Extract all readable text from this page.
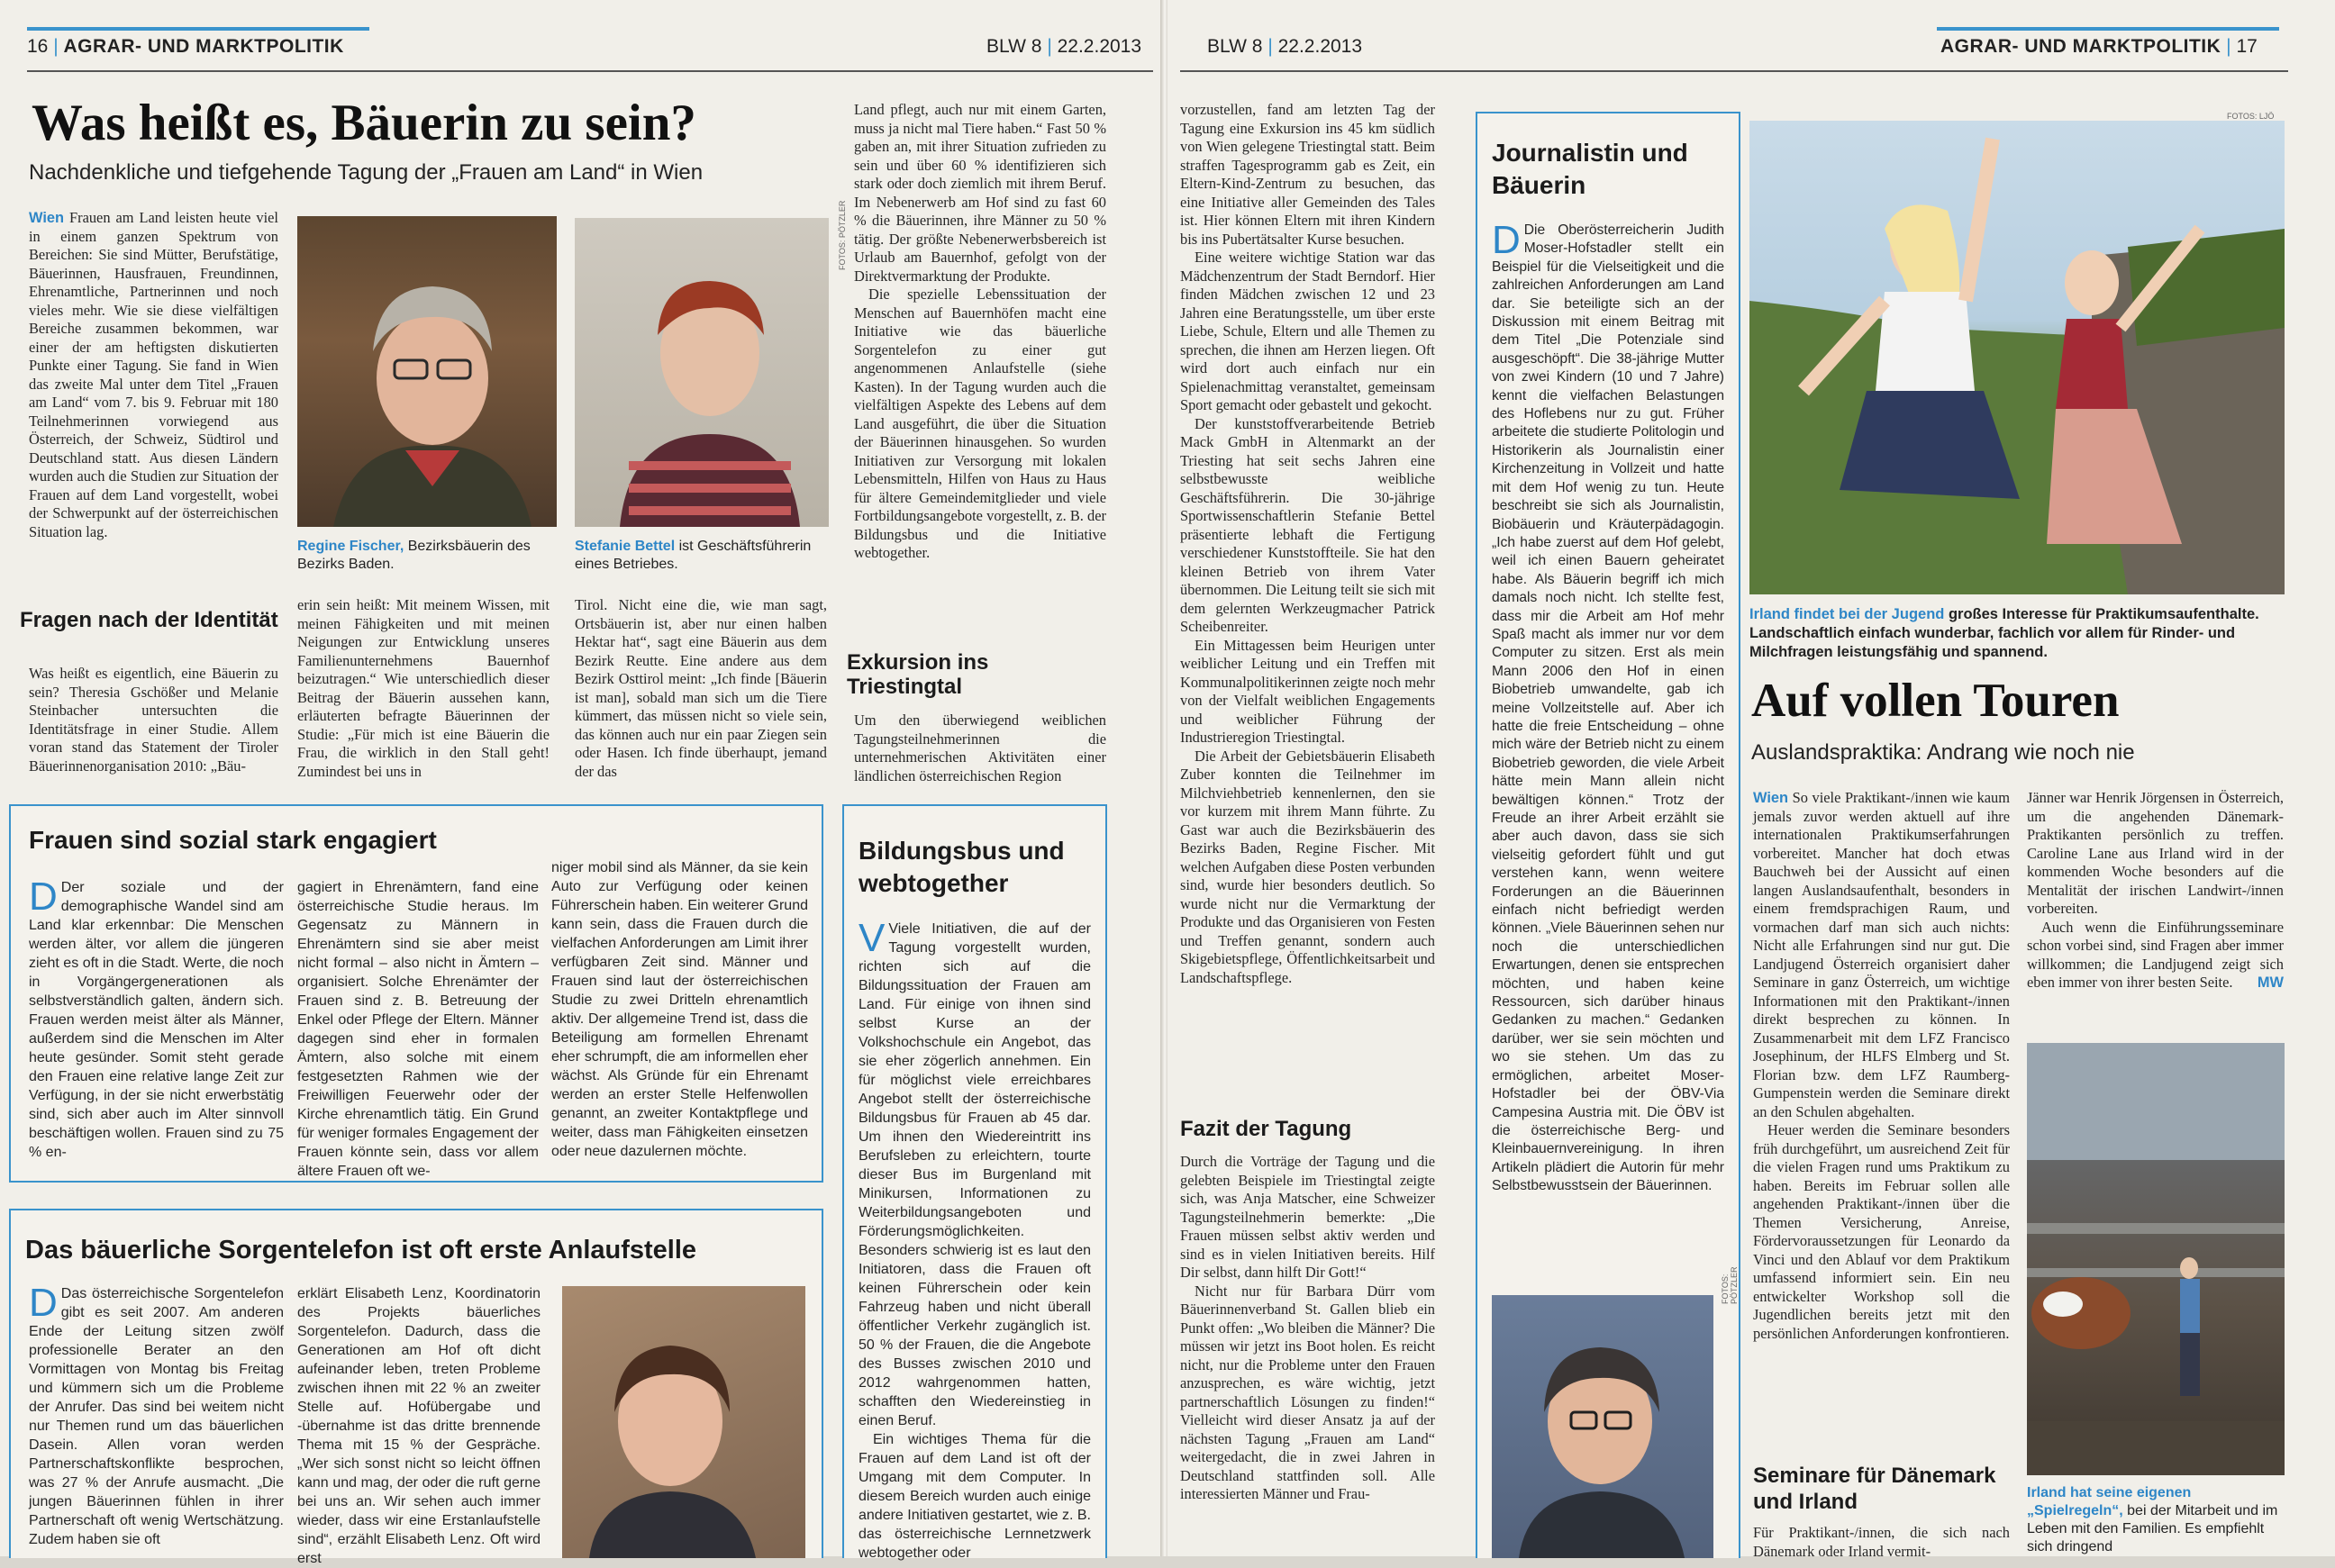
16 | AGRAR- UND MARKTPOLITIK	BLW 8 | 22.2.2013
Was heißt es, Bäuerin zu sein?
Nachdenkliche und tiefgehende Tagung der „Frauen am Land“ in Wien
Wien Frauen am Land leisten heute viel in einem ganzen Spektrum von Bereichen: Sie sind Mütter, Berufstätige, Bäuerinnen, Hausfrauen, Freundinnen, Ehrenamtliche, Partnerinnen und noch vieles mehr. Wie sie diese vielfältigen Bereiche zusammen bekommen, war einer der am heftigsten diskutierten Punkte einer Tagung. Sie fand in Wien das zweite Mal unter dem Titel „Frauen am Land“ vom 7. bis 9. Februar mit 180 Teilnehmerinnen vorwiegend aus Österreich, der Schweiz, Südtirol und Deutschland statt. Aus diesen Ländern wurden auch die Studien zur Situation der Frauen auf dem Land vorgestellt, wobei der Schwerpunkt auf der österreichischen Situation lag.
Fragen nach der Identität
Was heißt es eigentlich, eine Bäuerin zu sein? Theresia Gschößer und Melanie Steinbacher untersuchten die Identitätsfrage in einer Studie. Allem voran stand das Statement der Tiroler Bäuerinnenorganisation 2010: „Bäu-
FOTOS: PÖTZLER
Regine Fischer, Bezirksbäuerin des Bezirks Baden.
Stefanie Bettel ist Geschäftsführerin eines Betriebes.
erin sein heißt: Mit meinem Wissen, mit meinen Fähigkeiten und mit meinen Neigungen zur Entwicklung unseres Familienunternehmens Bauernhof beizutragen.“ Wie unterschiedlich dieser Beitrag der Bäuerin aussehen kann, erläuterten befragte Bäuerinnen der Studie: „Für mich ist eine Bäuerin die Frau, die wirklich in den Stall geht! Zumindest bei uns in
Tirol. Nicht eine die, wie man sagt, Ortsbäuerin ist, aber nur einen halben Hektar hat“, sagt eine Bäuerin aus dem Bezirk Reutte. Eine andere aus dem Bezirk Osttirol meint: „Ich finde [Bäuerin ist man], sobald man sich um die Tiere kümmert, das müssen nicht so viele sein, das können auch nur ein paar Ziegen sein oder Hasen. Ich finde überhaupt, jemand der das
Land pflegt, auch nur mit einem Garten, muss ja nicht mal Tiere haben.“ Fast 50 % gaben an, mit ihrer Situation zufrieden zu sein und über 60 % identifizieren sich stark oder doch ziemlich mit ihrem Beruf. Im Nebenerwerb am Hof sind zu fast 60 % die Bäuerinnen, ihre Männer zu 50 % tätig. Der größte Nebenerwerbsbereich ist Urlaub am Bauernhof, gefolgt von der Direktvermarktung der Produkte.
Die spezielle Lebenssituation der Menschen auf Bauernhöfen macht eine Initiative wie das bäuerliche Sorgentelefon zu einer gut angenommenen Anlaufstelle (siehe Kasten). In der Tagung wurden auch die vielfältigen Aspekte des Lebens auf dem Land ausgeführt, die über die Situation der Bäuerinnen hinausgehen. So wurden Initiativen zur Versorgung mit lokalen Lebensmitteln, Hilfen von Haus zu Haus für ältere Gemeindemitglieder und viele Fortbildungsangebote vorgestellt, z. B. der Bildungsbus und die Initiative webtogether.
Exkursion ins Triestingtal
Um den überwiegend weiblichen Tagungsteilnehmerinnen die unternehmerischen Aktivitäten einer ländlichen österreichischen Region
Frauen sind sozial stark engagiert
D Der soziale und der demographische Wandel sind am Land klar erkennbar: Die Menschen werden älter, vor allem die jüngeren zieht es oft in die Stadt. Werte, die noch in Vorgängergenerationen als selbstverständlich galten, ändern sich. Frauen werden meist älter als Männer, außerdem sind die Menschen im Alter heute gesünder. Somit steht gerade den Frauen eine relative lange Zeit zur Verfügung, in der sie nicht erwerbstätig sind, sich aber auch im Alter sinnvoll beschäftigen wollen. Frauen sind zu 75 % en-
gagiert in Ehrenämtern, fand eine österreichische Studie heraus. Im Gegensatz zu Männern in Ehrenämtern sind sie aber meist nicht formal – also nicht in Ämtern – organisiert. Solche Ehrenämter der Frauen sind z. B. Betreuung der Enkel oder Pflege der Eltern. Männer dagegen sind eher in formalen Ämtern, also solche mit einem festgesetzten Rahmen wie der Freiwilligen Feuerwehr oder der Kirche ehrenamtlich tätig. Ein Grund für weniger formales Engagement der Frauen könnte sein, dass vor allem ältere Frauen oft we-
niger mobil sind als Männer, da sie kein Auto zur Verfügung oder keinen Führerschein haben. Ein weiterer Grund kann sein, dass die Frauen durch die vielfachen Anforderungen am Limit ihrer verfügbaren Zeit sind. Männer und Frauen sind laut der österreichischen Studie zu zwei Dritteln ehrenamtlich aktiv. Der allgemeine Trend ist, dass die Beteiligung am formellen Ehrenamt eher schrumpft, die am informellen eher wächst. Als Gründe für ein Ehrenamt werden an erster Stelle Helfenwollen genannt, an zweiter Kontaktpflege und weiter, dass man Fähigkeiten einsetzen oder neue dazulernen möchte.
Bildungsbus und webtogether
V Viele Initiativen, die auf der Tagung vorgestellt wurden, richten sich auf die Bildungssituation der Frauen am Land. Für einige von ihnen sind selbst Kurse an der Volkshochschule ein Angebot, das sie eher zögerlich annehmen. Ein für möglichst viele erreichbares Angebot stellt der österreichische Bildungsbus für Frauen ab 45 dar. Um ihnen den Wiedereintritt ins Berufsleben zu erleichtern, tourte dieser Bus im Burgenland mit Minikursen, Informationen zu Weiterbildungsangeboten und Förderungsmöglichkeiten. Besonders schwierig ist es laut den Initiatoren, dass die Frauen oft keinen Führerschein oder kein Fahrzeug haben und nicht überall öffentlicher Verkehr zugänglich ist. 50 % der Frauen, die die Angebote des Busses zwischen 2010 und 2012 wahrgenommen hatten, schafften den Wiedereinstieg in einen Beruf.
Ein wichtiges Thema für die Frauen auf dem Land ist oft der Umgang mit dem Computer. In diesem Bereich wurden auch einige andere Initiativen gestartet, wie z. B. das österreichische Lernnetzwerk webtogether oder
Das bäuerliche Sorgentelefon ist oft erste Anlaufstelle
D Das österreichische Sorgentelefon gibt es seit 2007. Am anderen Ende der Leitung sitzen zwölf professionelle Berater an den Vormittagen von Montag bis Freitag und kümmern sich um die Probleme der Anrufer. Das sind bei weitem nicht nur Themen rund um das bäuerlichen Dasein. Allen voran werden Partnerschaftskonflikte besprochen, was 27 % der Anrufe ausmacht. „Die jungen Bäuerinnen fühlen in ihrer Partnerschaft oft wenig Wertschätzung. Zudem haben sie oft
erklärt Elisabeth Lenz, Koordinatorin des Projekts bäuerliches Sorgentelefon. Dadurch, dass die Generationen am Hof oft dicht aufeinander leben, treten Probleme zwischen ihnen mit 22 % an zweiter Stelle auf. Hofübergabe und -übernahme ist das dritte brennende Thema mit 15 % der Gespräche. „Wer sich sonst nicht so leicht öffnen kann und mag, der oder die ruft gerne bei uns an. Wir sehen auch immer wieder, dass wir eine Erstanlaufstelle sind“, erzählt Elisabeth Lenz. Oft wird erst
BLW 8 | 22.2.2013	AGRAR- UND MARKTPOLITIK | 17
vorzustellen, fand am letzten Tag der Tagung eine Exkursion ins 45 km südlich von Wien gelegene Triestingtal statt. Beim straffen Tagesprogramm gab es Zeit, ein Eltern-Kind-Zentrum zu besuchen, das eine Initiative aller Gemeinden des Tales ist. Hier können Eltern mit ihren Kindern bis ins Pubertätsalter Kurse besuchen.
Eine weitere wichtige Station war das Mädchenzentrum der Stadt Berndorf. Hier finden Mädchen zwischen 12 und 23 Jahren eine Beratungsstelle, um über erste Liebe, Schule, Eltern und alle Themen zu sprechen, die ihnen am Herzen liegen. Oft wird dort auch einfach nur ein Spielenachmittag veranstaltet, gemeinsam Sport gemacht oder gebastelt und gekocht.
Der kunststoffverarbeitende Betrieb Mack GmbH in Altenmarkt an der Triesting hat seit sechs Jahren eine selbstbewusste weibliche Geschäftsführerin. Die 30-jährige Sportwissenschaftlerin Stefanie Bettel präsentierte lebhaft die Fertigung verschiedener Kunststoffteile. Sie hat den kleinen Betrieb von ihrem Vater übernommen. Die Leitung teilt sie sich mit dem gelernten Werkzeugmacher Patrick Scheibenreiter.
Ein Mittagessen beim Heurigen unter weiblicher Leitung und ein Treffen mit Kommunalpolitikerinnen zeigte noch mehr von der Vielfalt weiblichen Engagements und weiblicher Führung der Industrieregion Triestingtal.
Die Arbeit der Gebietsbäuerin Elisabeth Zuber konnten die Teilnehmer im Milchviehbetrieb kennenlernen, den sie vor kurzem mit ihrem Mann führte. Zu Gast war auch die Bezirksbäuerin des Bezirks Baden, Regine Fischer. Mit welchen Aufgaben diese Posten verbunden sind, wurde hier besonders deutlich. So wurde nicht nur die Vermarktung der Produkte und das Organisieren von Festen und Treffen genannt, sondern auch Skigebietspflege, Öffentlichkeitsarbeit und Landschaftspflege.
Fazit der Tagung
Durch die Vorträge der Tagung und die gelebten Beispiele im Triestingtal zeigte sich, was Anja Matscher, eine Schweizer Tagungsteilnehmerin bemerkte: „Die Frauen müssen selbst aktiv werden und sind es in vielen Initiativen bereits. Hilf Dir selbst, dann hilft Dir Gott!“
Nicht nur für Barbara Dürr vom Bäuerinnenverband St. Gallen blieb ein Punkt offen: „Wo bleiben die Männer? Die müssen wir jetzt ins Boot holen. Es reicht nicht, nur die Probleme unter den Frauen anzusprechen, es wäre wichtig, jetzt partnerschaftlich Lösungen zu finden!“ Vielleicht wird dieser Ansatz ja auf der nächsten Tagung „Frauen am Land“ weitergedacht, die in zwei Jahren in Deutschland stattfinden soll. Alle interessierten Männer und Frau-
Journalistin und Bäuerin
D Die Oberösterreicherin Judith Moser-Hofstadler stellt ein Beispiel für die Vielseitigkeit und die zahlreichen Anforderungen am Land dar. Sie beteiligte sich an der Diskussion mit einem Beitrag mit dem Titel „Die Potenziale sind ausgeschöpft“. Die 38-jährige Mutter von zwei Kindern (10 und 7 Jahre) kennt die vielfachen Belastungen des Hoflebens nur zu gut. Früher arbeitete die studierte Politologin und Historikerin als Journalistin einer Kirchenzeitung in Vollzeit und hatte mit dem Hof wenig zu tun. Heute beschreibt sie sich als Journalistin, Biobäuerin und Kräuterpädagogin. „Ich habe zuerst auf dem Hof gelebt, weil ich einen Bauern geheiratet habe. Als Bäuerin begriff ich mich damals noch nicht. Ich stellte fest, dass mir die Arbeit am Hof mehr Spaß macht als immer nur vor dem Computer zu sitzen. Erst als mein Mann 2006 den Hof in einen Biobetrieb umwandelte, gab ich meine Vollzeitstelle auf. Aber ich hatte die freie Entscheidung – ohne mich wäre der Betrieb nicht zu einem Biobetrieb geworden, die viele Arbeit hätte mein Mann allein nicht bewältigen können.“ Trotz der Freude an ihrer Arbeit erzählt sie aber auch davon, dass sie sich vielseitig gefordert fühlt und gut verstehen kann, wenn weitere Forderungen an die Bäuerinnen einfach nicht befriedigt werden können. „Viele Bäuerinnen sehen nur noch die unterschiedlichen Erwartungen, denen sie entsprechen möchten, und haben keine Ressourcen, sich darüber hinaus Gedanken zu machen.“ Gedanken darüber, wer sie sein möchten und wo sie stehen. Um das zu ermöglichen, arbeitet Moser-Hofstadler bei der ÖBV-Via Campesina Austria mit. Die ÖBV ist die österreichische Berg- und Kleinbauernvereinigung. In ihren Artikeln plädiert die Autorin für mehr Selbstbewusstsein der Bäuerinnen.
FOTOS: PÖTZLER
FOTOS: LJÖ
Irland findet bei der Jugend großes Interesse für Praktikumsaufenthalte. Landschaftlich einfach wunderbar, fachlich vor allem für Rinder- und Milchfragen leistungsfähig und spannend.
Auf vollen Touren
Auslandspraktika: Andrang wie noch nie
Wien So viele Praktikant-/innen wie kaum jemals zuvor werden aktuell auf ihre internationalen Praktikumserfahrungen vorbereitet. Mancher hat doch etwas Bauchweh bei der Aussicht auf einen langen Auslandsaufenthalt, besonders in einem fremdsprachigen Raum, und vormachen darf man sich auch nichts: Nicht alle Erfahrungen sind nur gut. Die Landjugend Österreich organisiert daher Seminare in ganz Österreich, um wichtige Informationen mit den Praktikant-/innen direkt besprechen zu können. In Zusammenarbeit mit dem LFZ Francisco Josephinum, der HLFS Elmberg und St. Florian bzw. dem LFZ Raumberg-Gumpenstein werden die Seminare direkt an den Schulen abgehalten.
Heuer werden die Seminare besonders früh durchgeführt, um ausreichend Zeit für die vielen Fragen rund ums Praktikum zu haben. Bereits im Februar sollen alle angehenden Praktikant-/innen über die Themen Versicherung, Anreise, Fördervoraussetzungen für Leonardo da Vinci und den Ablauf vor dem Praktikum umfassend informiert sein. Ein neu entwickelter Workshop soll die Jugendlichen bereits jetzt mit den persönlichen Anforderungen konfrontieren.
Seminare für Dänemark und Irland
Für Praktikant-/innen, die sich nach Dänemark oder Irland vermit-
Jänner war Henrik Jörgensen in Österreich, um die angehenden Dänemark-Praktikanten persönlich zu treffen. Caroline Lane aus Irland wird in der kommenden Woche besonders auf die Mentalität der irischen Landwirt-/innen vorbereiten.
Auch wenn die Einführungsseminare schon vorbei sind, sind Fragen aber immer willkommen; die Landjugend zeigt sich eben immer von ihrer besten Seite. MW
Irland hat seine eigenen „Spielregeln“, bei der Mitarbeit und im Leben mit den Familien. Es empfiehlt sich dringend
